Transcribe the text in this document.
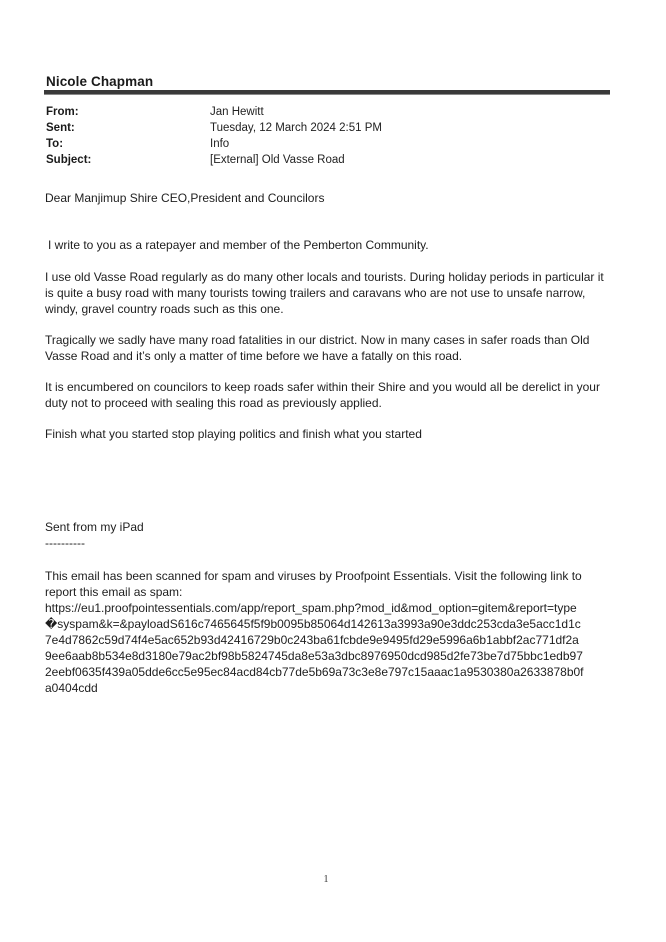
Nicole Chapman
From:	Jan Hewitt
Sent:	Tuesday, 12 March 2024 2:51 PM
To:	Info
Subject:	[External] Old Vasse Road
Dear Manjimup Shire CEO,President and Councilors
I write to you as a ratepayer and member of the Pemberton Community.
I use old Vasse Road regularly as do many other locals and tourists. During holiday periods in particular it is quite a busy road with many tourists towing trailers and caravans who are not use to unsafe narrow, windy, gravel country roads such as this one.
Tragically we sadly have many road fatalities in our district. Now in many cases in safer roads than Old Vasse Road and it’s only a matter of time before we have a fatally on this road.
It is encumbered on councilors to keep roads safer within their Shire and you would all be derelict in your duty not to proceed with sealing this road as previously applied.
Finish what you started stop playing politics and finish what you started
Sent from my iPad
----------
This email has been scanned for spam and viruses by Proofpoint Essentials. Visit the following link to report this email as spam:
https://eu1.proofpointessentials.com/app/report_spam.php?mod_id&mod_option=gitem&report=type�syspam&k=&payloadS616c7465645f5f9b0095b85064d142613a3993a90e3ddc253cda3e5acc1d1c7e4d7862c59d74f4e5ac652b93d42416729b0c243ba61fcbde9e9495fd29e5996a6b1abbf2ac771df2a9ee6aab8b534e8d3180e79ac2bf98b5824745da8e53a3dbc8976950dcd985d2fe73be7d75bbc1edb972eebf0635f439a05dde6cc5e95ec84acd84cb77de5b69a73c3e8e797c15aaac1a9530380a2633878b0fa0404cdd
1
